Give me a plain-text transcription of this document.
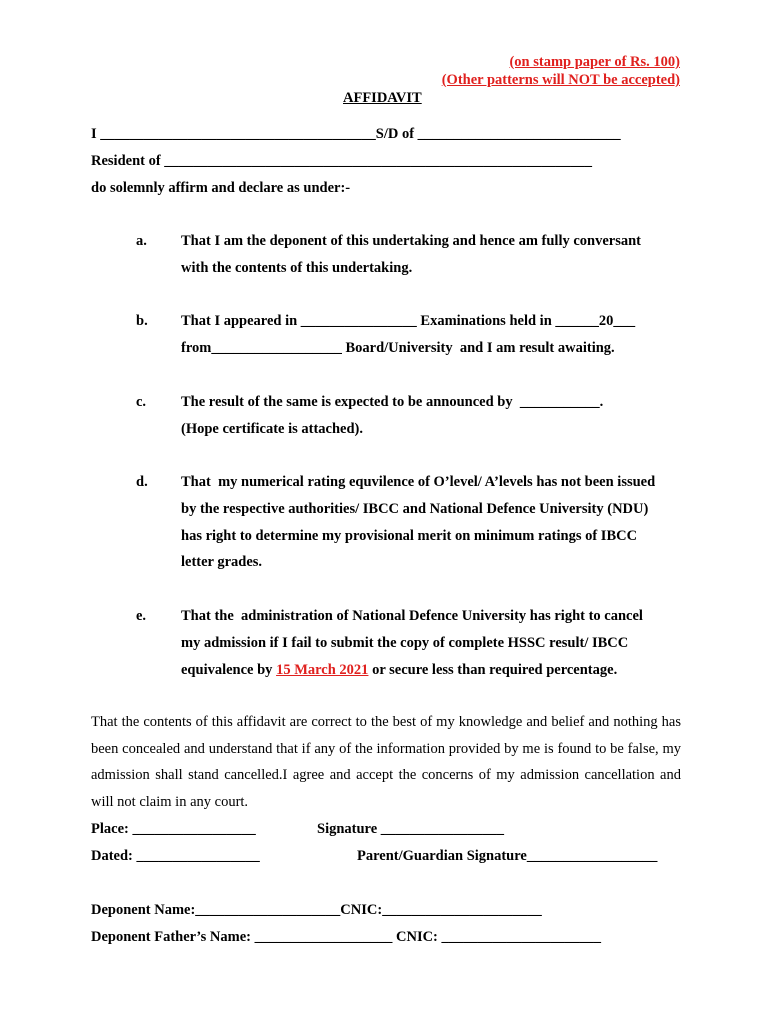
(on stamp paper of Rs. 100)
(Other patterns will NOT be accepted)
AFFIDAVIT
I ______________________________________S/D of ____________________________
Resident of ___________________________________________________________
do solemnly affirm and declare as under:-
a. That I am the deponent of this undertaking and hence am fully conversant
with the contents of this undertaking.
b. That I appeared in ________________ Examinations held in ______20___
from__________________ Board/University  and I am result awaiting.
c. The result of the same is expected to be announced by  ___________.
(Hope certificate is attached).
d. That  my numerical rating equvilence of O’level/ A’levels has not been issued
by the respective authorities/ IBCC and National Defence University (NDU)
has right to determine my provisional merit on minimum ratings of IBCC
letter grades.
e. That the  administration of National Defence University has right to cancel
my admission if I fail to submit the copy of complete HSSC result/ IBCC
equivalence by 15 March 2021 or secure less than required percentage.
That the contents of this affidavit are correct to the best of my knowledge and belief and nothing has been concealed and understand that if any of the information provided by me is found to be false, my admission shall stand cancelled.I agree and accept the concerns of my admission cancellation and will not claim in any court.
Place: _________________	Signature _________________
Dated: _________________	Parent/Guardian Signature__________________
Deponent Name:____________________CNIC:______________________
Deponent Father’s Name: ___________________ CNIC: ______________________
